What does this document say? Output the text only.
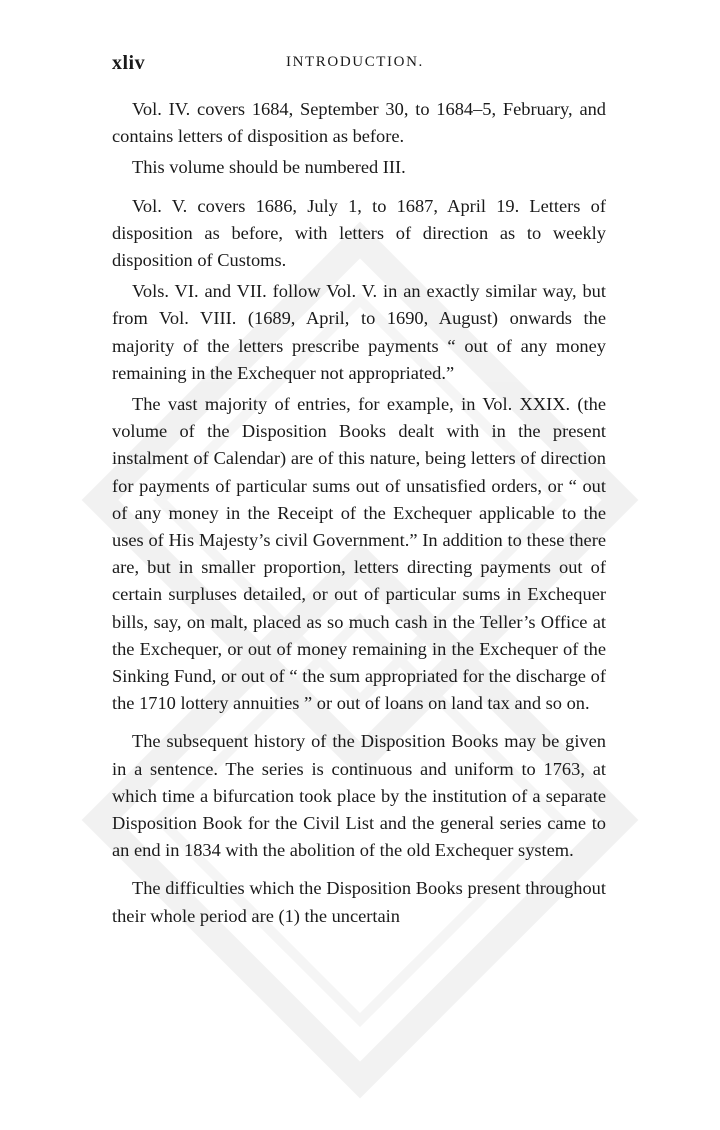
xliv	INTRODUCTION.

Vol. IV. covers 1684, September 30, to 1684–5, February, and contains letters of disposition as before.

This volume should be numbered III.

Vol. V. covers 1686, July 1, to 1687, April 19. Letters of disposition as before, with letters of direction as to weekly disposition of Customs.

Vols. VI. and VII. follow Vol. V. in an exactly similar way, but from Vol. VIII. (1689, April, to 1690, August) onwards the majority of the letters prescribe payments “ out of any money remaining in the Exchequer not appropriated.”

The vast majority of entries, for example, in Vol. XXIX. (the volume of the Disposition Books dealt with in the present instalment of Calendar) are of this nature, being letters of direction for payments of particular sums out of unsatisfied orders, or “ out of any money in the Receipt of the Exchequer applicable to the uses of His Majesty’s civil Government.” In addition to these there are, but in smaller proportion, letters directing payments out of certain surpluses detailed, or out of particular sums in Exchequer bills, say, on malt, placed as so much cash in the Teller’s Office at the Exchequer, or out of money remaining in the Exchequer of the Sinking Fund, or out of “ the sum appropriated for the discharge of the 1710 lottery annuities ” or out of loans on land tax and so on.

The subsequent history of the Disposition Books may be given in a sentence. The series is continuous and uniform to 1763, at which time a bifurcation took place by the institution of a separate Disposition Book for the Civil List and the general series came to an end in 1834 with the abolition of the old Exchequer system.

The difficulties which the Disposition Books present throughout their whole period are (1) the uncertain
